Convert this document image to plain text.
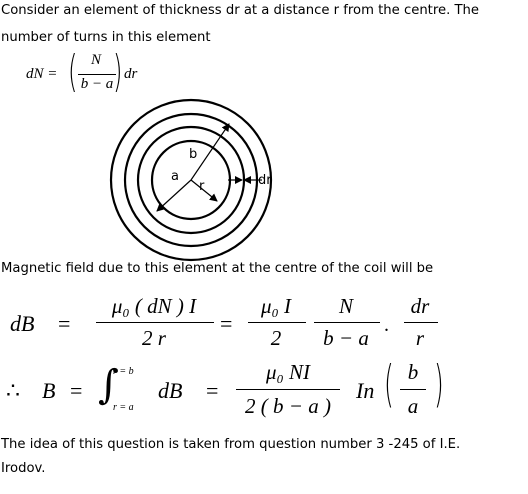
Consider an element of thickness dr at a distance r from the centre. The
number of turns in this element
dN = ( N
b − a ) dr
b
a
r	dr
Magnetic field due to this element at the centre of the coil will be
dB =
μ₀ ( dN ) I
2 r
=
μ₀ I
2
N
b − a
.
dr
r
∴ B = ∫
r = b
r = a
dB =
μ₀ NI
2 ( b − a )
In ( b
a )
The idea of this question is taken from question number 3 -245 of I.E.
Irodov.
